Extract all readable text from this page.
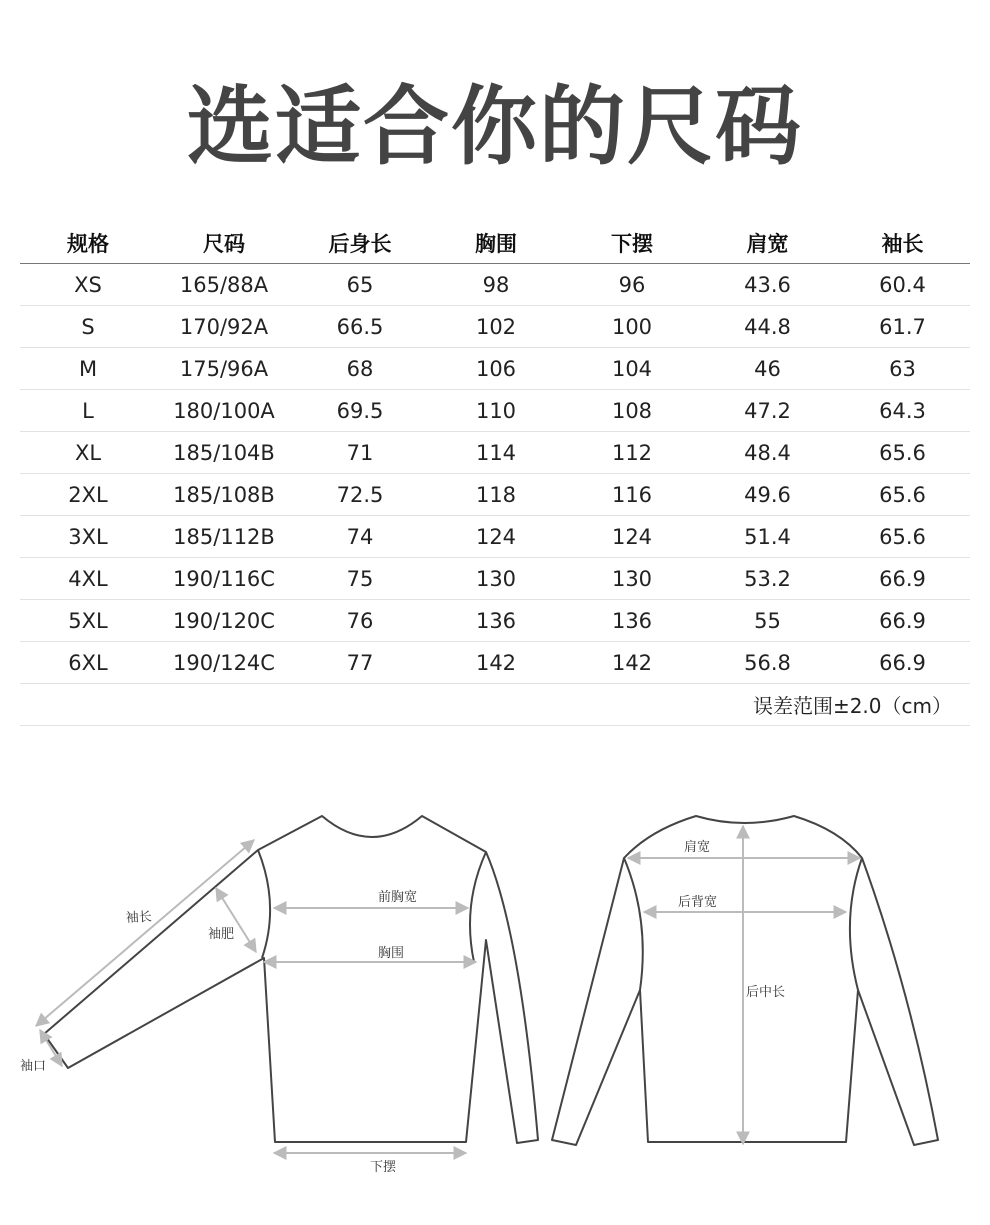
选适合你的尺码
规格	尺码	后身长	胸围	下摆	肩宽	袖长
XS	165/88A	65	98	96	43.6	60.4
S	170/92A	66.5	102	100	44.8	61.7
M	175/96A	68	106	104	46	63
L	180/100A	69.5	110	108	47.2	64.3
XL	185/104B	71	114	112	48.4	65.6
2XL	185/108B	72.5	118	116	49.6	65.6
3XL	185/112B	74	124	124	51.4	65.6
4XL	190/116C	75	130	130	53.2	66.9
5XL	190/120C	76	136	136	55	66.9
6XL	190/124C	77	142	142	56.8	66.9
误差范围±2.0（cm）						
袖长
袖肥
袖口
前胸宽
胸围
下摆
肩宽
后背宽
后中长
